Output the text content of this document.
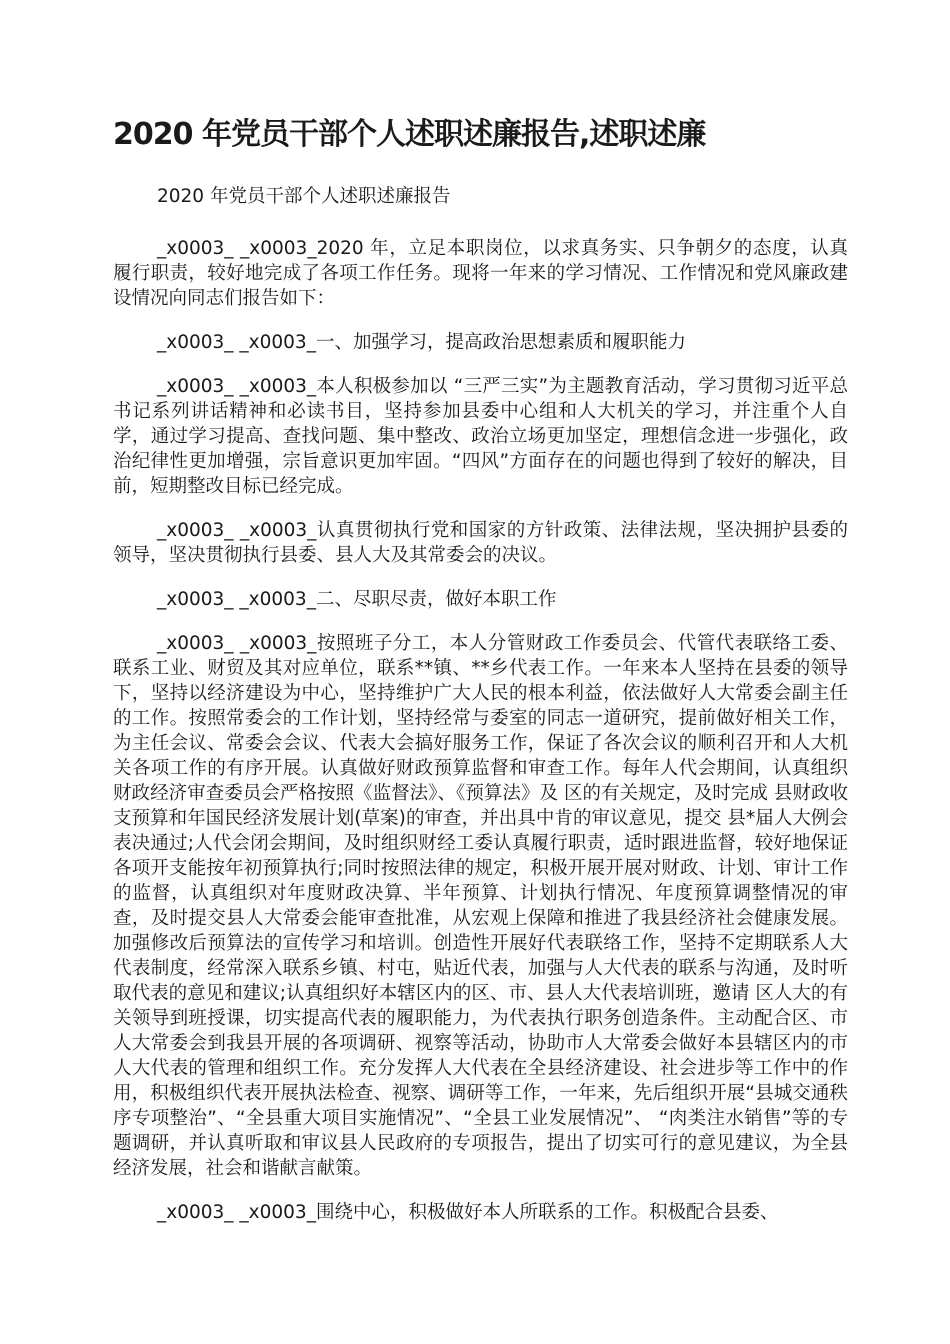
2020 年党员干部个人述职述廉报告,述职述廉

2020 年党员干部个人述职述廉报告

_x0003_ _x0003_2020 年，立足本职岗位，以求真务实、只争朝夕的态度，认真履行职责，较好地完成了各项工作任务。现将一年来的学习情况、工作情况和党风廉政建设情况向同志们报告如下：

_x0003_ _x0003_一、加强学习，提高政治思想素质和履职能力

_x0003_ _x0003_本人积极参加以 “三严三实”为主题教育活动，学习贯彻习近平总书记系列讲话精神和必读书目，坚持参加县委中心组和人大机关的学习，并注重个人自学，通过学习提高、查找问题、集中整改、政治立场更加坚定，理想信念进一步强化，政治纪律性更加增强，宗旨意识更加牢固。“四风”方面存在的问题也得到了较好的解决，目前，短期整改目标已经完成。

_x0003_ _x0003_认真贯彻执行党和国家的方针政策、法律法规，坚决拥护县委的领导，坚决贯彻执行县委、县人大及其常委会的决议。

_x0003_ _x0003_二、尽职尽责，做好本职工作

_x0003_ _x0003_按照班子分工，本人分管财政工作委员会、代管代表联络工委、联系工业、财贸及其对应单位，联系**镇、**乡代表工作。一年来本人坚持在县委的领导下，坚持以经济建设为中心，坚持维护广大人民的根本利益，依法做好人大常委会副主任的工作。按照常委会的工作计划，坚持经常与委室的同志一道研究，提前做好相关工作，为主任会议、常委会会议、代表大会搞好服务工作，保证了各次会议的顺利召开和人大机关各项工作的有序开展。认真做好财政预算监督和审查工作。每年人代会期间，认真组织财政经济审查委员会严格按照《监督法》、《预算法》及 区的有关规定，及时完成 县财政收支预算和年国民经济发展计划(草案)的审查，并出具中肯的审议意见，提交 县*届人大例会表决通过;人代会闭会期间，及时组织财经工委认真履行职责，适时跟进监督，较好地保证各项开支能按年初预算执行;同时按照法律的规定，积极开展开展对财政、计划、审计工作的监督，认真组织对年度财政决算、半年预算、计划执行情况、年度预算调整情况的审查，及时提交县人大常委会能审查批准，从宏观上保障和推进了我县经济社会健康发展。加强修改后预算法的宣传学习和培训。创造性开展好代表联络工作，坚持不定期联系人大代表制度，经常深入联系乡镇、村屯，贴近代表，加强与人大代表的联系与沟通，及时听取代表的意见和建议;认真组织好本辖区内的区、市、县人大代表培训班，邀请 区人大的有关领导到班授课，切实提高代表的履职能力，为代表执行职务创造条件。主动配合区、市人大常委会到我县开展的各项调研、视察等活动，协助市人大常委会做好本县辖区内的市人大代表的管理和组织工作。充分发挥人大代表在全县经济建设、社会进步等工作中的作用，积极组织代表开展执法检查、视察、调研等工作，一年来，先后组织开展“县城交通秩序专项整治”、“全县重大项目实施情况”、“全县工业发展情况”、 “肉类注水销售”等的专题调研，并认真听取和审议县人民政府的专项报告，提出了切实可行的意见建议，为全县经济发展，社会和谐献言献策。

_x0003_ _x0003_围绕中心，积极做好本人所联系的工作。积极配合县委、
